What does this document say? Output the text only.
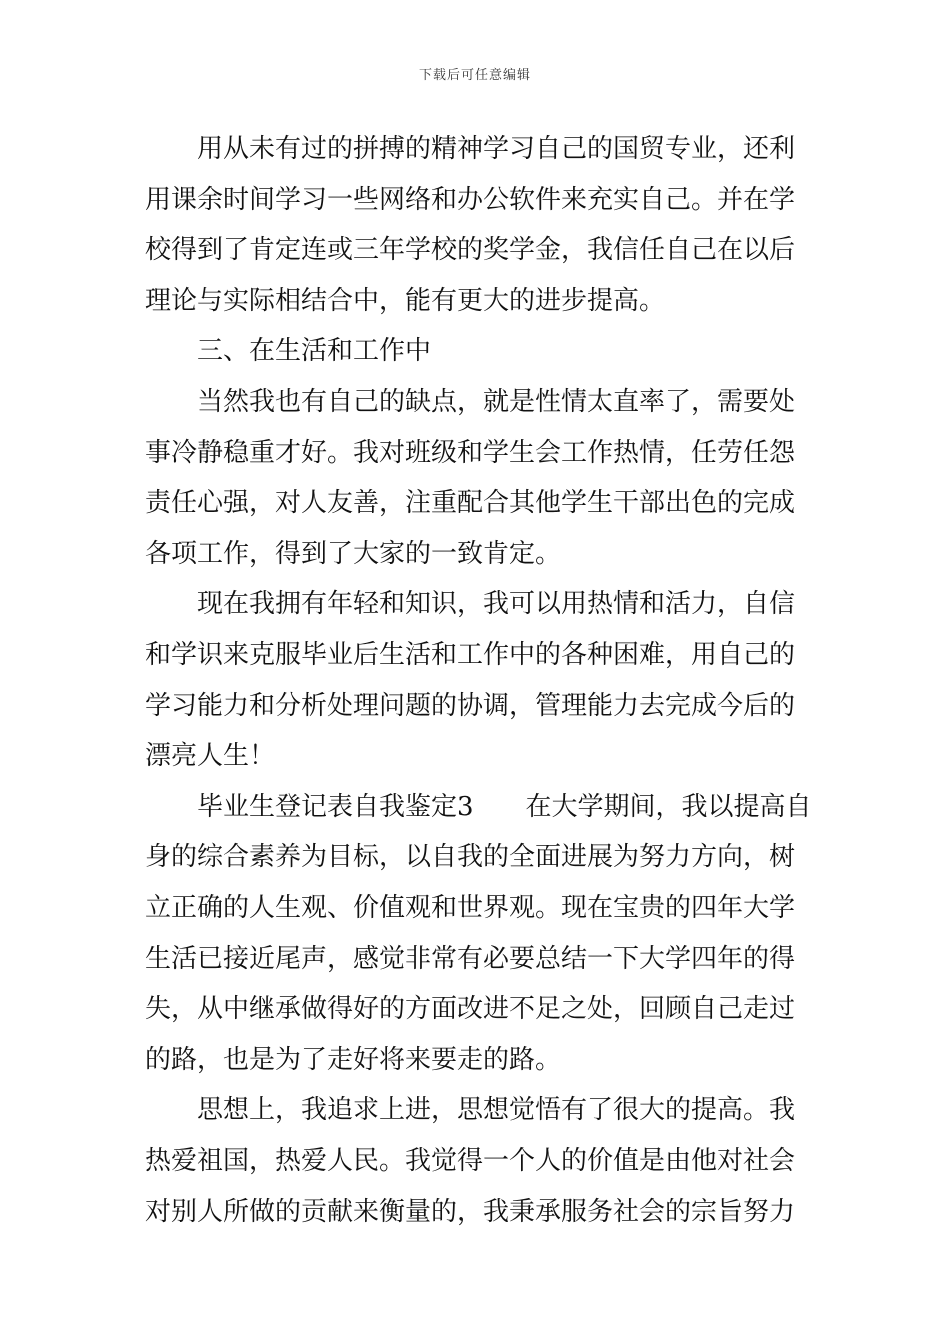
下载后可任意编辑
用从未有过的拼搏的精神学习自己的国贸专业，还利
用课余时间学习一些网络和办公软件来充实自己。并在学
校得到了肯定连或三年学校的奖学金，我信任自己在以后
理论与实际相结合中，能有更大的进步提高。
三、在生活和工作中
当然我也有自己的缺点，就是性情太直率了，需要处
事冷静稳重才好。我对班级和学生会工作热情，任劳任怨
责任心强，对人友善，注重配合其他学生干部出色的完成
各项工作，得到了大家的一致肯定。
现在我拥有年轻和知识，我可以用热情和活力，自信
和学识来克服毕业后生活和工作中的各种困难，用自己的
学习能力和分析处理问题的协调，管理能力去完成今后的
漂亮人生！
毕业生登记表自我鉴定3　　在大学期间，我以提高自
身的综合素养为目标，以自我的全面进展为努力方向，树
立正确的人生观、价值观和世界观。现在宝贵的四年大学
生活已接近尾声，感觉非常有必要总结一下大学四年的得
失，从中继承做得好的方面改进不足之处，回顾自己走过
的路，也是为了走好将来要走的路。
思想上，我追求上进，思想觉悟有了很大的提高。我
热爱祖国，热爱人民。我觉得一个人的价值是由他对社会
对别人所做的贡献来衡量的，我秉承服务社会的宗旨努力
